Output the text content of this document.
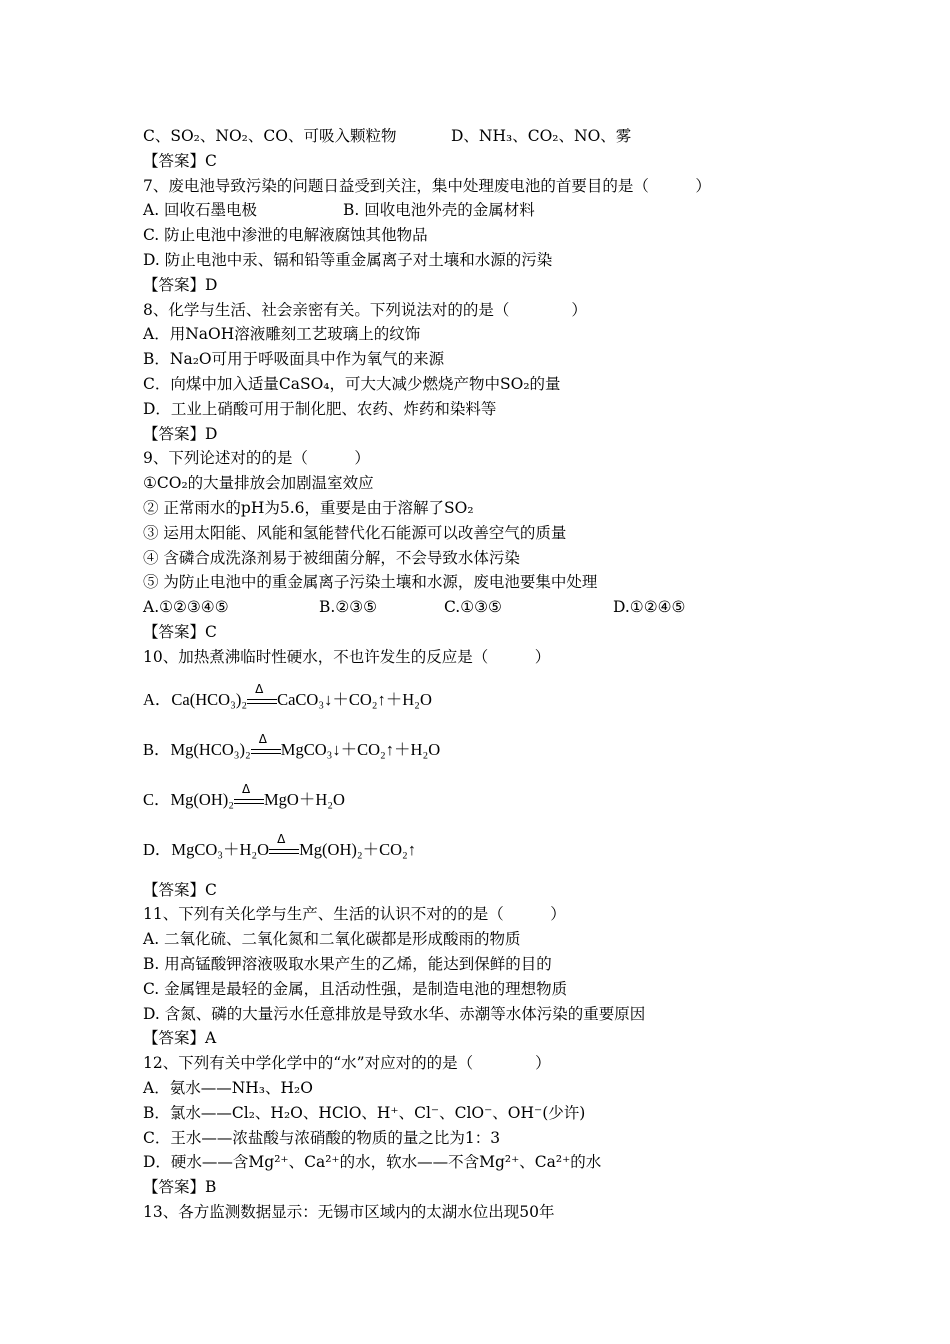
C、SO₂、NO₂、CO、可吸入颗粒物	D、NH₃、CO₂、NO、雾
【答案】C
7、废电池导致污染的问题日益受到关注，集中处理废电池的首要目的是（　　　）
A. 回收石墨电极	B. 回收电池外壳的金属材料
C. 防止电池中渗泄的电解液腐蚀其他物品
D. 防止电池中汞、镉和铅等重金属离子对土壤和水源的污染
【答案】D
8、化学与生活、社会亲密有关。下列说法对的的是（　　　　）
A．用NaOH溶液雕刻工艺玻璃上的纹饰
B．Na₂O可用于呼吸面具中作为氧气的来源
C．向煤中加入适量CaSO₄，可大大减少燃烧产物中SO₂的量
D．工业上硝酸可用于制化肥、农药、炸药和染料等
【答案】D
9、下列论述对的的是（　　　）
①CO₂的大量排放会加剧温室效应
② 正常雨水的pH为5.6，重要是由于溶解了SO₂
③ 运用太阳能、风能和氢能替代化石能源可以改善空气的质量
④ 含磷合成洗涤剂易于被细菌分解，不会导致水体污染
⑤ 为防止电池中的重金属离子污染土壤和水源，废电池要集中处理
A.①②③④⑤	B.②③⑤	C.①③⑤	D.①②④⑤
【答案】C
10、加热煮沸临时性硬水，不也许发生的反应是（　　　）
A． Ca(HCO₃)₂
Δ
CaCO₃↓＋CO₂↑＋H₂O
B． Mg(HCO₃)₂
Δ
MgCO₃↓＋CO₂↑＋H₂O
C． Mg(OH)₂
Δ
MgO＋H₂O
D． MgCO₃＋H₂O
Δ
Mg(OH)₂＋CO₂↑
【答案】C
11、下列有关化学与生产、生活的认识不对的的是（　　　）
A. 二氧化硫、二氧化氮和二氧化碳都是形成酸雨的物质
B. 用高锰酸钾溶液吸取水果产生的乙烯，能达到保鲜的目的
C. 金属锂是最轻的金属，且活动性强，是制造电池的理想物质
D. 含氮、磷的大量污水任意排放是导致水华、赤潮等水体污染的重要原因
【答案】A
12、下列有关中学化学中的“水”对应对的的是（　　　　）
A．氨水——NH₃、H₂O
B．氯水——Cl₂、H₂O、HClO、H⁺、Cl⁻、ClO⁻、OH⁻(少许)
C．王水——浓盐酸与浓硝酸的物质的量之比为1：3
D．硬水——含Mg²⁺、Ca²⁺的水，软水——不含Mg²⁺、Ca²⁺的水
【答案】B
13、各方监测数据显示：无锡市区域内的太湖水位出现50年
